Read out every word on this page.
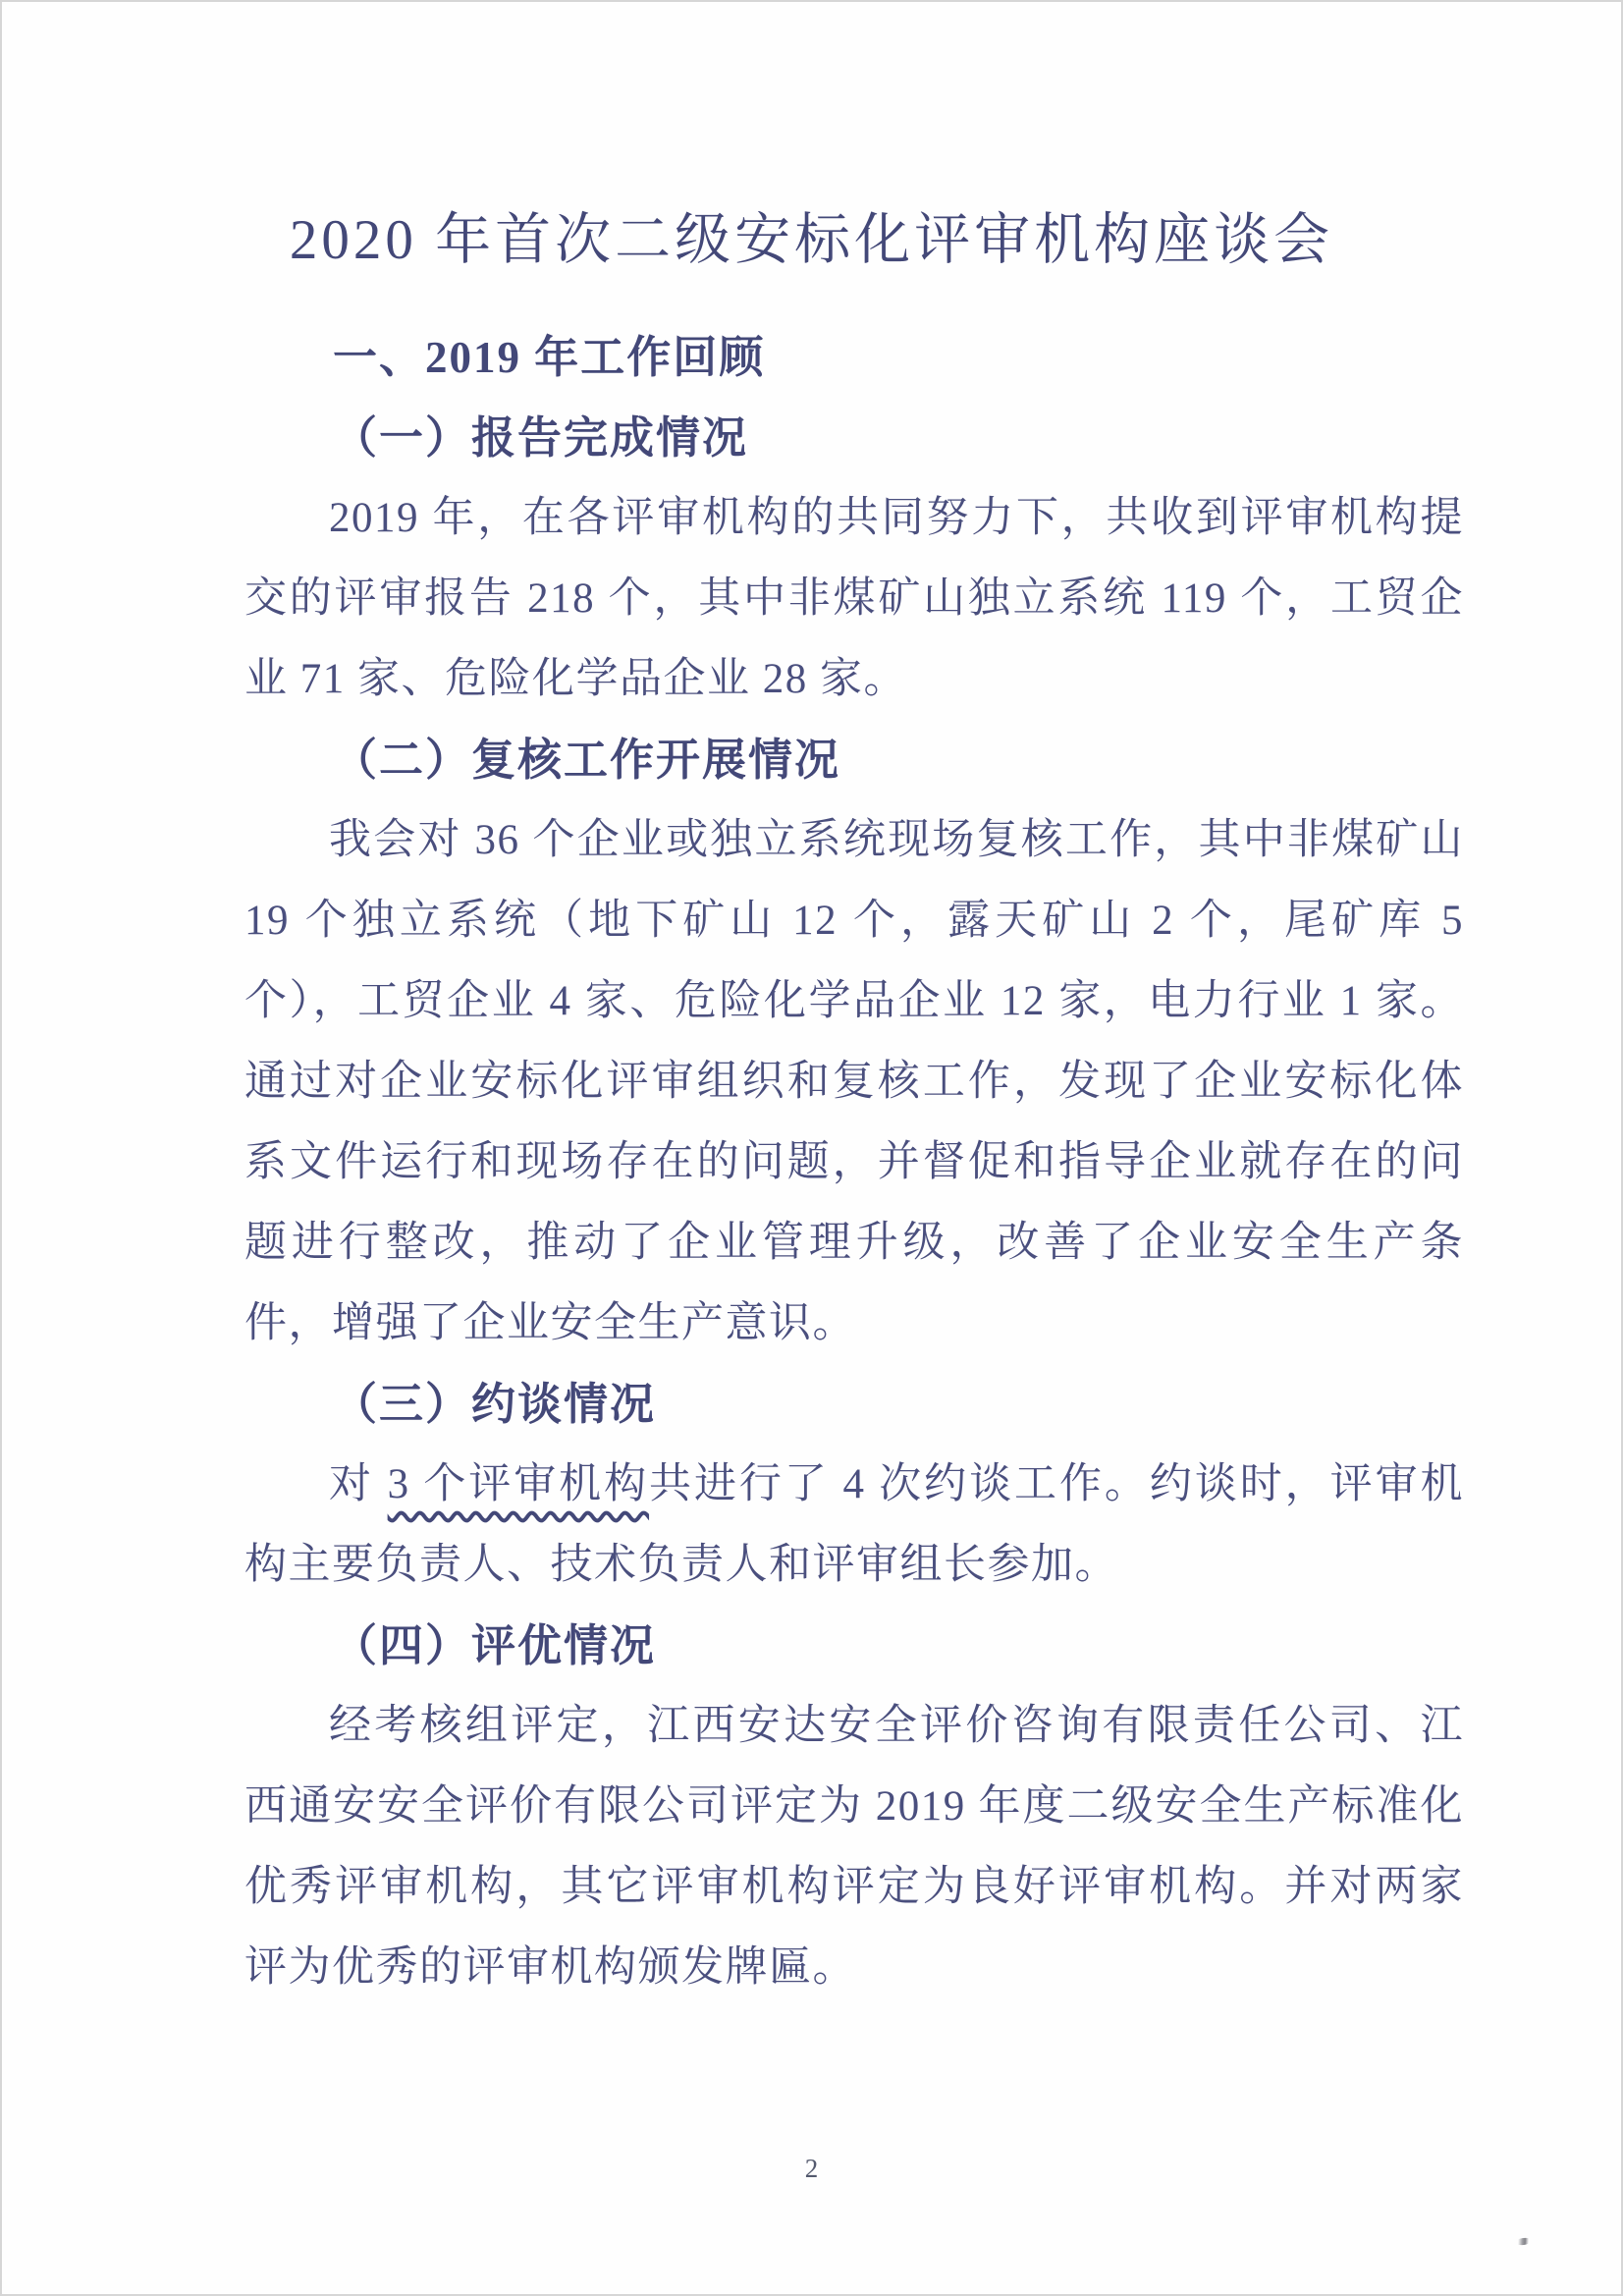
2020 年首次二级安标化评审机构座谈会
一、2019 年工作回顾
（一）报告完成情况
2019 年，在各评审机构的共同努力下，共收到评审机构提交的评审报告 218 个，其中非煤矿山独立系统 119 个，工贸企业 71 家、危险化学品企业 28 家。
（二）复核工作开展情况
我会对 36 个企业或独立系统现场复核工作，其中非煤矿山 19 个独立系统（地下矿山 12 个，露天矿山 2 个，尾矿库 5 个），工贸企业 4 家、危险化学品企业 12 家，电力行业 1 家。通过对企业安标化评审组织和复核工作，发现了企业安标化体系文件运行和现场存在的问题，并督促和指导企业就存在的问题进行整改，推动了企业管理升级，改善了企业安全生产条件，增强了企业安全生产意识。
（三）约谈情况
对 3 个评审机构共进行了 4 次约谈工作。约谈时，评审机构主要负责人、技术负责人和评审组长参加。
（四）评优情况
经考核组评定，江西安达安全评价咨询有限责任公司、江西通安安全评价有限公司评定为 2019 年度二级安全生产标准化优秀评审机构，其它评审机构评定为良好评审机构。并对两家评为优秀的评审机构颁发牌匾。
2
